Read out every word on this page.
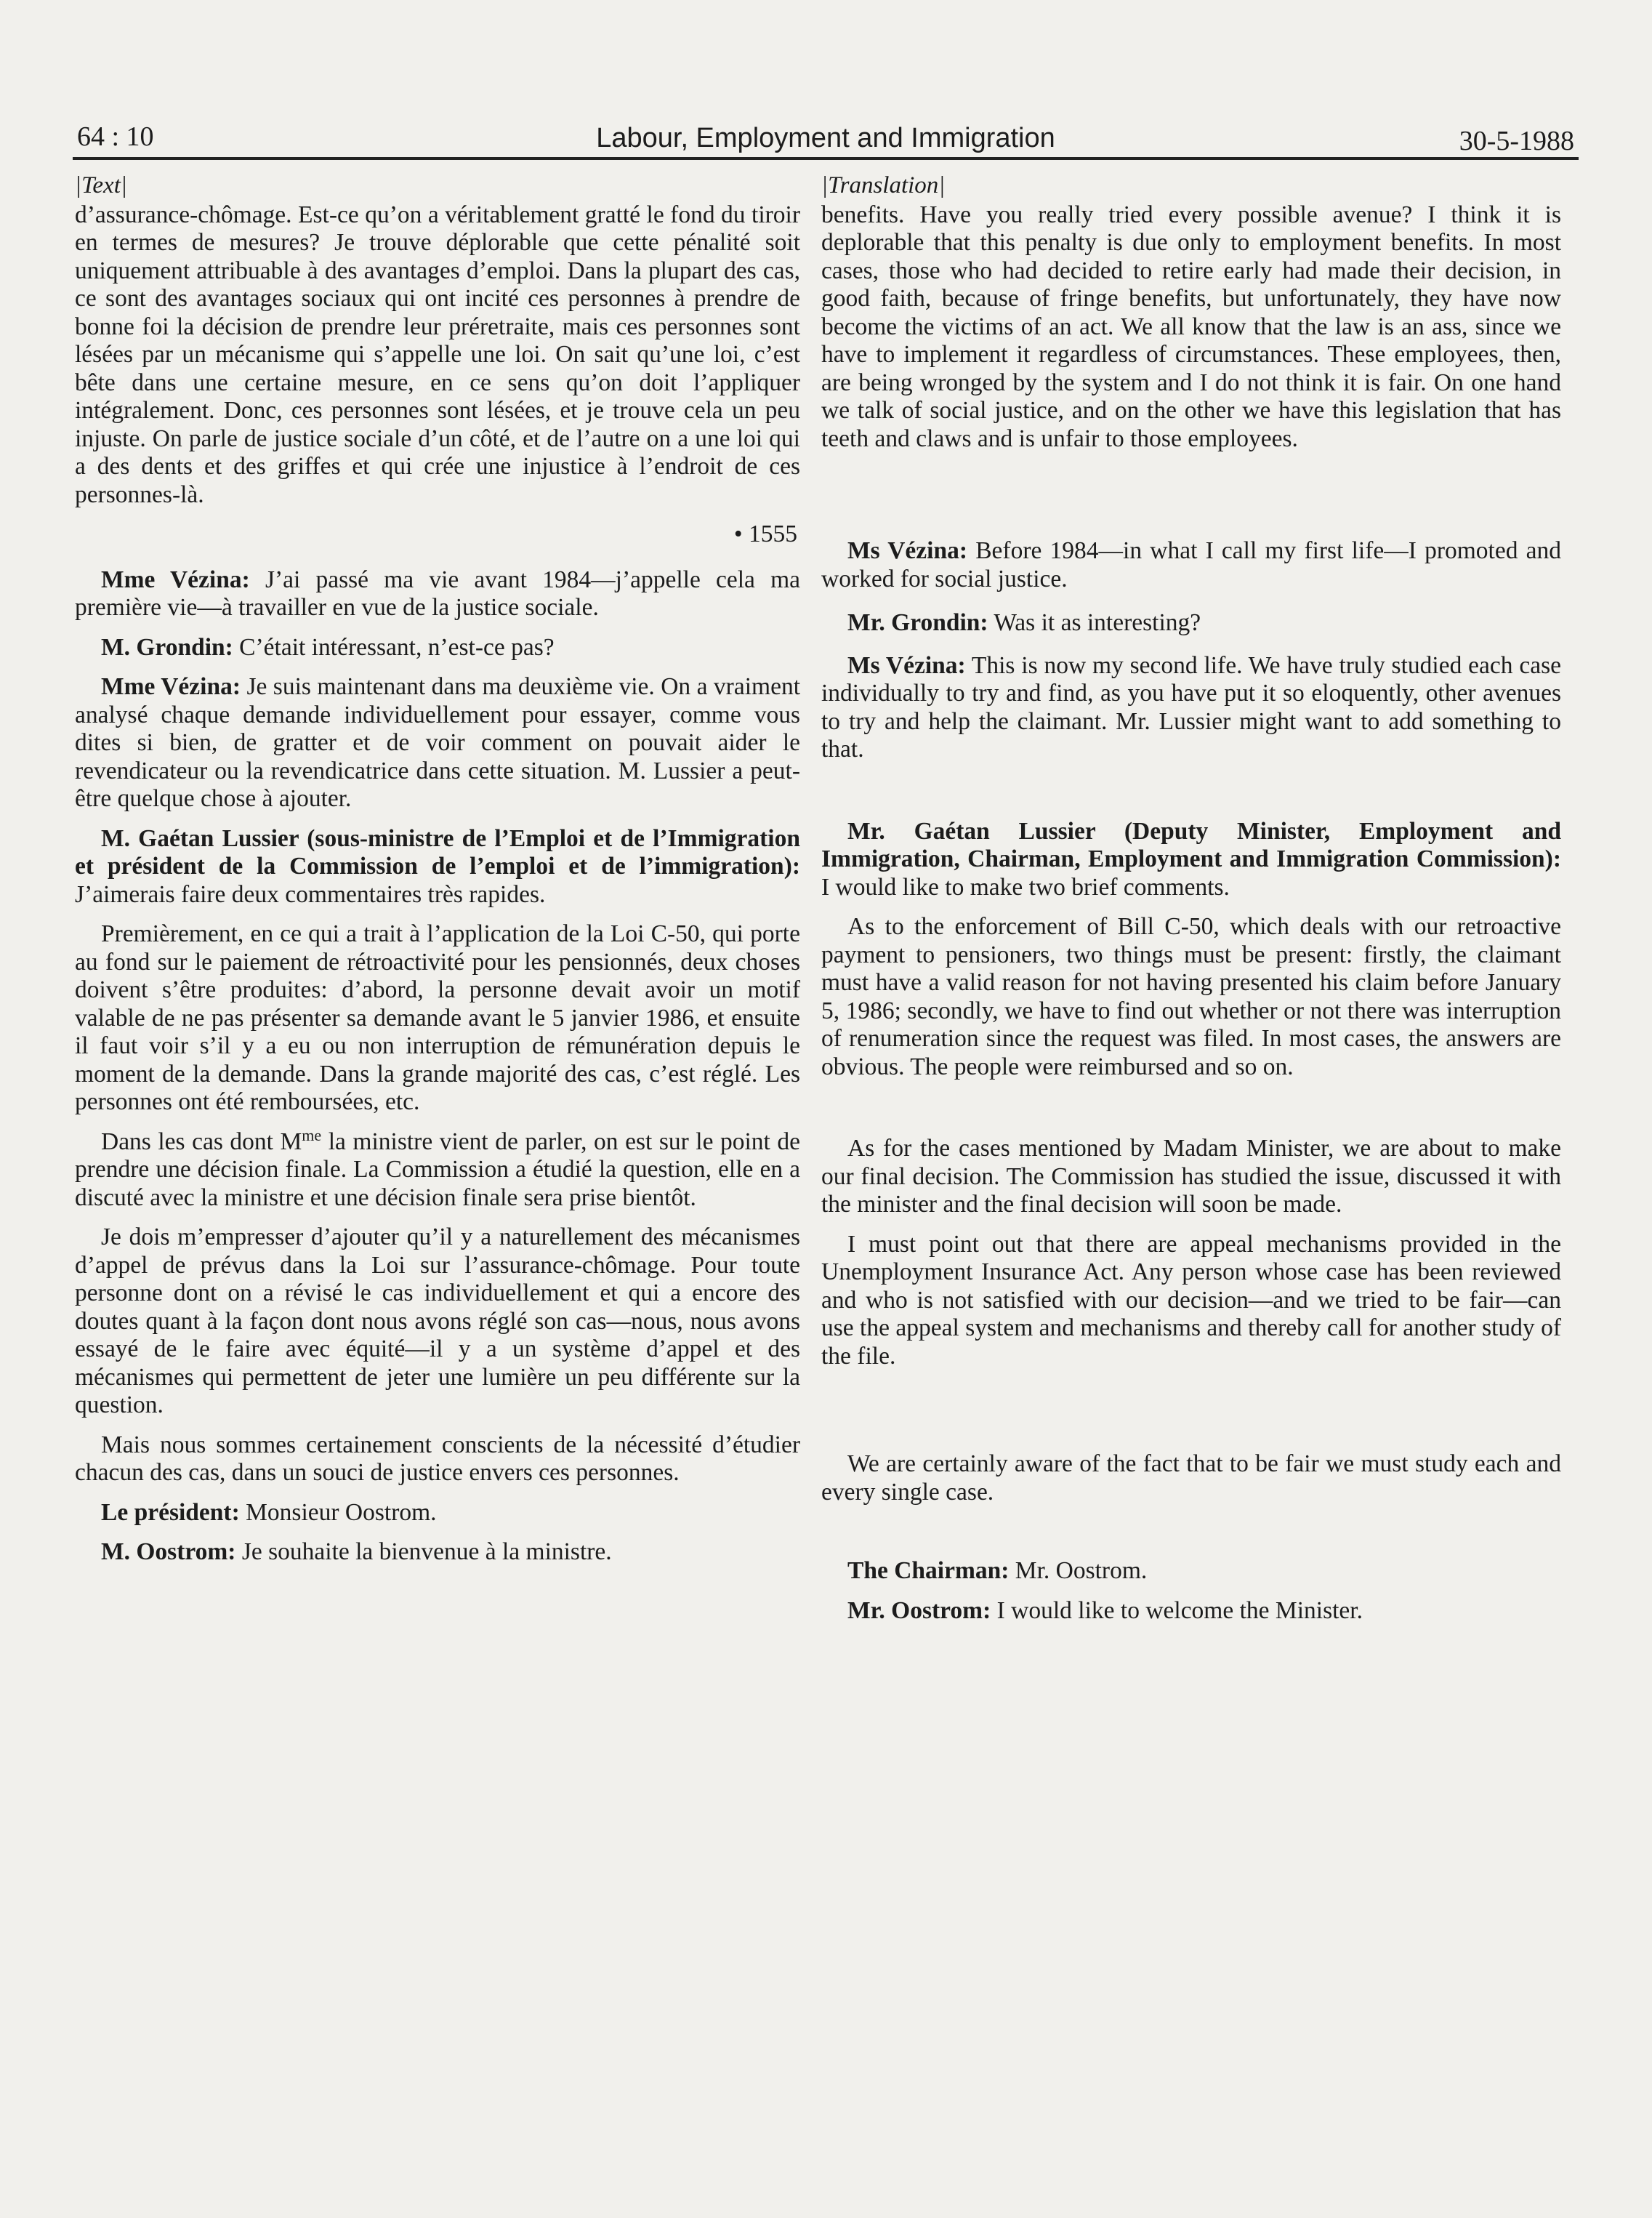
64 : 10	Labour, Employment and Immigration	30-5-1988
|Text|

d’assurance-chômage. Est-ce qu’on a véritablement gratté le fond du tiroir en termes de mesures? Je trouve déplorable que cette pénalité soit uniquement attribuable à des avantages d’emploi. Dans la plupart des cas, ce sont des avantages sociaux qui ont incité ces personnes à prendre de bonne foi la décision de prendre leur préretraite, mais ces personnes sont lésées par un mécanisme qui s’appelle une loi. On sait qu’une loi, c’est bête dans une certaine mesure, en ce sens qu’on doit l’appliquer intégralement. Donc, ces personnes sont lésées, et je trouve cela un peu injuste. On parle de justice sociale d’un côté, et de l’autre on a une loi qui a des dents et des griffes et qui crée une injustice à l’endroit de ces personnes-là.

• 1555

Mme Vézina: J’ai passé ma vie avant 1984—j’appelle cela ma première vie—à travailler en vue de la justice sociale.

M. Grondin: C’était intéressant, n’est-ce pas?

Mme Vézina: Je suis maintenant dans ma deuxième vie. On a vraiment analysé chaque demande individuellement pour essayer, comme vous dites si bien, de gratter et de voir comment on pouvait aider le revendicateur ou la revendicatrice dans cette situation. M. Lussier a peut-être quelque chose à ajouter.

M. Gaétan Lussier (sous-ministre de l’Emploi et de l’Immigration et président de la Commission de l’emploi et de l’immigration): J’aimerais faire deux commentaires très rapides.

Premièrement, en ce qui a trait à l’application de la Loi C-50, qui porte au fond sur le paiement de rétroactivité pour les pensionnés, deux choses doivent s’être produites: d’abord, la personne devait avoir un motif valable de ne pas présenter sa demande avant le 5 janvier 1986, et ensuite il faut voir s’il y a eu ou non interruption de rémunération depuis le moment de la demande. Dans la grande majorité des cas, c’est réglé. Les personnes ont été remboursées, etc.

Dans les cas dont $M^{me}$ la ministre vient de parler, on est sur le point de prendre une décision finale. La Commission a étudié la question, elle en a discuté avec la ministre et une décision finale sera prise bientôt.

Je dois m’empresser d’ajouter qu’il y a naturellement des mécanismes d’appel de prévus dans la Loi sur l’assurance-chômage. Pour toute personne dont on a révisé le cas individuellement et qui a encore des doutes quant à la façon dont nous avons réglé son cas—nous, nous avons essayé de le faire avec équité—il y a un système d’appel et des mécanismes qui permettent de jeter une lumière un peu différente sur la question.

Mais nous sommes certainement conscients de la nécessité d’étudier chacun des cas, dans un souci de justice envers ces personnes.

Le président: Monsieur Oostrom.

M. Oostrom: Je souhaite la bienvenue à la ministre.

|Translation|

benefits. Have you really tried every possible avenue? I think it is deplorable that this penalty is due only to employment benefits. In most cases, those who had decided to retire early had made their decision, in good faith, because of fringe benefits, but unfortunately, they have now become the victims of an act. We all know that the law is an ass, since we have to implement it regardless of circumstances. These employees, then, are being wronged by the system and I do not think it is fair. On one hand we talk of social justice, and on the other we have this legislation that has teeth and claws and is unfair to those employees.

Ms Vézina: Before 1984—in what I call my first life—I promoted and worked for social justice.

Mr. Grondin: Was it as interesting?

Ms Vézina: This is now my second life. We have truly studied each case individually to try and find, as you have put it so eloquently, other avenues to try and help the claimant. Mr. Lussier might want to add something to that.

Mr. Gaétan Lussier (Deputy Minister, Employment and Immigration, Chairman, Employment and Immigration Commission): I would like to make two brief comments.

As to the enforcement of Bill C-50, which deals with our retroactive payment to pensioners, two things must be present: firstly, the claimant must have a valid reason for not having presented his claim before January 5, 1986; secondly, we have to find out whether or not there was interruption of renumeration since the request was filed. In most cases, the answers are obvious. The people were reimbursed and so on.

As for the cases mentioned by Madam Minister, we are about to make our final decision. The Commission has studied the issue, discussed it with the minister and the final decision will soon be made.

I must point out that there are appeal mechanisms provided in the Unemployment Insurance Act. Any person whose case has been reviewed and who is not satisfied with our decision—and we tried to be fair—can use the appeal system and mechanisms and thereby call for another study of the file.

We are certainly aware of the fact that to be fair we must study each and every single case.

The Chairman: Mr. Oostrom.

Mr. Oostrom: I would like to welcome the Minister.
